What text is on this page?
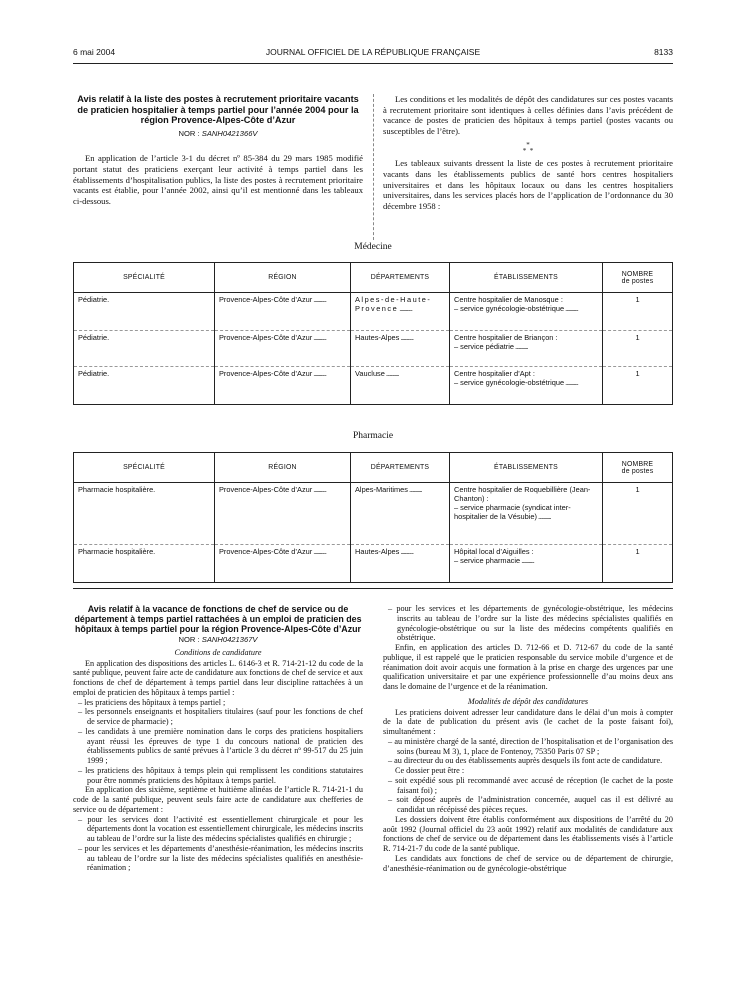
6 mai 2004	JOURNAL OFFICIEL DE LA RÉPUBLIQUE FRANÇAISE	8133
Avis relatif à la liste des postes à recrutement prioritaire vacants de praticien hospitalier à temps partiel pour l’année 2004 pour la région Provence-Alpes-Côte d’Azur
NOR : SANH0421366V

En application de l’article 3-1 du décret nº 85-384 du 29 mars 1985 modifié portant statut des praticiens exerçant leur activité à temps partiel dans les établissements d’hospitalisation publics, la liste des postes à recrutement prioritaire vacants est établie, pour l’année 2002, ainsi qu’il est mentionné dans les tableaux ci-dessous.

Les conditions et les modalités de dépôt des candidatures sur ces postes vacants à recrutement prioritaire sont identiques à celles définies dans l’avis précédent de vacance de postes de praticien des hôpitaux à temps partiel (postes vacants ou susceptibles de l’être).

*
*  *

Les tableaux suivants dressent la liste de ces postes à recrutement prioritaire vacants dans les établissements publics de santé hors centres hospitaliers universitaires et dans les hôpitaux locaux ou dans les centres hospitaliers universitaires, dans les services placés hors de l’application de l’ordonnance du 30 décembre 1958 :

Médecine
SPÉCIALITÉ	RÉGION	DÉPARTEMENTS	ÉTABLISSEMENTS	NOMBRE
de postes
Pédiatrie.	Provence-Alpes-Côte d’Azur .....	Alpes-de-Haute-Provence .....	Centre hospitalier de Manosque :
– service gynécologie-obstétrique .....	1
Pédiatrie.	Provence-Alpes-Côte d’Azur .....	Hautes-Alpes .....	Centre hospitalier de Briançon :
– service pédiatrie .....	1
Pédiatrie.	Provence-Alpes-Côte d’Azur .....	Vaucluse .....	Centre hospitalier d’Apt :
– service gynécologie-obstétrique .....	1
Pharmacie
SPÉCIALITÉ	RÉGION	DÉPARTEMENTS	ÉTABLISSEMENTS	NOMBRE
de postes
Pharmacie hospitalière.	Provence-Alpes-Côte d’Azur .....	Alpes-Maritimes .....	Centre hospitalier de Roquebillière (Jean-Chanton) :
– service pharmacie (syndicat inter-hospitalier de la Vésubie) .....	1
Pharmacie hospitalière.	Provence-Alpes-Côte d’Azur .....	Hautes-Alpes .....	Hôpital local d’Aiguilles :
– service pharmacie .....	1
Avis relatif à la vacance de fonctions de chef de service ou de département à temps partiel rattachées à un emploi de praticien des hôpitaux à temps partiel pour la région Provence-Alpes-Côte d’Azur
NOR : SANH0421367V
Conditions de candidature

En application des dispositions des articles L. 6146-3 et R. 714-21-12 du code de la santé publique, peuvent faire acte de candidature aux fonctions de chef de service et aux fonctions de chef de département à temps partiel dans leur discipline rattachées à un emploi de praticien des hôpitaux à temps partiel :

– les praticiens des hôpitaux à temps partiel ;
– les personnels enseignants et hospitaliers titulaires (sauf pour les fonctions de chef de service de pharmacie) ;
– les candidats à une première nomination dans le corps des praticiens hospitaliers ayant réussi les épreuves de type 1 du concours national de praticien des établissements publics de santé prévues à l’article 3 du décret nº 99-517 du 25 juin 1999 ;
– les praticiens des hôpitaux à temps plein qui remplissent les conditions statutaires pour être nommés praticiens des hôpitaux à temps partiel.

En application des sixième, septième et huitième alinéas de l’article R. 714-21-1 du code de la santé publique, peuvent seuls faire acte de candidature aux chefferies de service ou de département :

– pour les services dont l’activité est essentiellement chirurgicale et pour les départements dont la vocation est essentiellement chirurgicale, les médecins inscrits au tableau de l’ordre sur la liste des médecins spécialistes qualifiés en chirurgie ;
– pour les services et les départements d’anesthésie-réanimation, les médecins inscrits au tableau de l’ordre sur la liste des médecins spécialistes qualifiés en anesthésie-réanimation ;
– pour les services et les départements de gynécologie-obstétrique, les médecins inscrits au tableau de l’ordre sur la liste des médecins spécialistes qualifiés en gynécologie-obstétrique ou sur la liste des médecins compétents qualifiés en obstétrique.

Enfin, en application des articles D. 712-66 et D. 712-67 du code de la santé publique, il est rappelé que le praticien responsable du service mobile d’urgence et de réanimation doit avoir acquis une formation à la prise en charge des urgences par une qualification universitaire et par une expérience professionnelle d’au moins deux ans dans le domaine de l’urgence et de la réanimation.

Modalités de dépôt des candidatures

Les praticiens doivent adresser leur candidature dans le délai d’un mois à compter de la date de publication du présent avis (le cachet de la poste faisant foi), simultanément :

– au ministère chargé de la santé, direction de l’hospitalisation et de l’organisation des soins (bureau M 3), 1, place de Fontenoy, 75350 Paris 07 SP ;
– au directeur du ou des établissements auprès desquels ils font acte de candidature.

Ce dossier peut être :

– soit expédié sous pli recommandé avec accusé de réception (le cachet de la poste faisant foi) ;
– soit déposé auprès de l’administration concernée, auquel cas il est délivré au candidat un récépissé des pièces reçues.

Les dossiers doivent être établis conformément aux dispositions de l’arrêté du 20 août 1992 (Journal officiel du 23 août 1992) relatif aux modalités de candidature aux fonctions de chef de service ou de département dans les établissements visés à l’article R. 714-21-7 du code de la santé publique.

Les candidats aux fonctions de chef de service ou de département de chirurgie, d’anesthésie-réanimation ou de gynécologie-obstétrique
